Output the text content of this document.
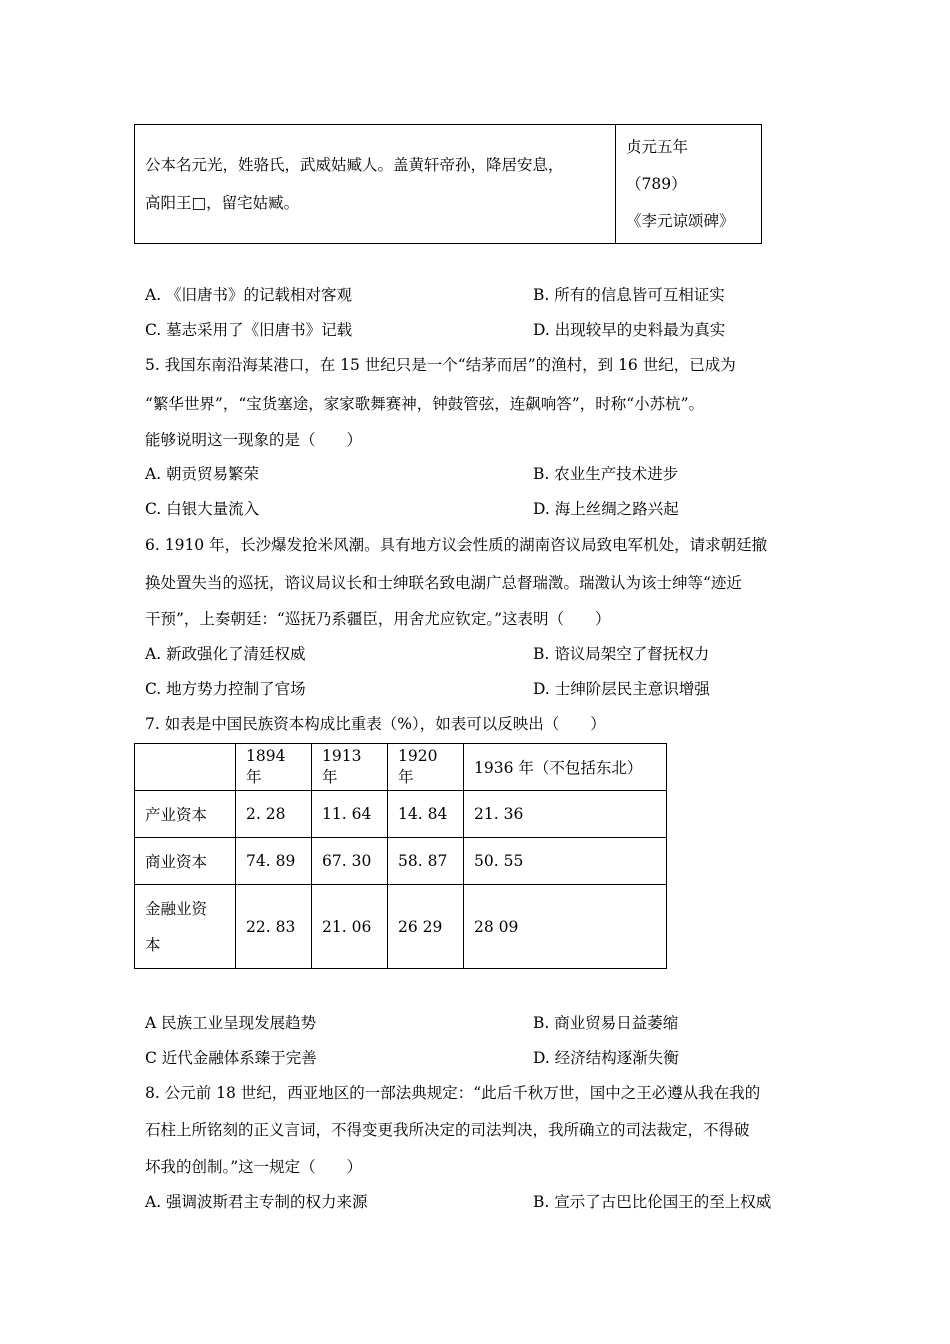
公本名元光，姓骆氏，武威姑臧人。盖黄轩帝孙，降居安息，
高阳王□，留宅姑臧。

贞元五年
（789）
《李元谅颂碑》
A. 《旧唐书》的记载相对客观	B. 所有的信息皆可互相证实
C. 墓志采用了《旧唐书》记载	D. 出现较早的史料最为真实
5. 我国东南沿海某港口，在 15 世纪只是一个“结茅而居”的渔村，到 16 世纪，已成为
“繁华世界”，“宝货塞途，家家歌舞赛神，钟鼓管弦，连飙响答”，时称“小苏杭”。
能够说明这一现象的是（　　）
A. 朝贡贸易繁荣	B. 农业生产技术进步
C. 白银大量流入	D. 海上丝绸之路兴起
6. 1910 年，长沙爆发抢米风潮。具有地方议会性质的湖南咨议局致电军机处，请求朝廷撤
换处置失当的巡抚，谘议局议长和士绅联名致电湖广总督瑞澂。瑞澂认为该士绅等“迹近
干预”，上奏朝廷：“巡抚乃系疆臣，用舍尤应钦定。”这表明（　　）
A. 新政强化了清廷权威	B. 谘议局架空了督抚权力
C. 地方势力控制了官场	D. 士绅阶层民主意识增强
7. 如表是中国民族资本构成比重表（%），如表可以反映出（　　）
	1894 年	1913 年	1920 年	1936 年（不包括东北）
产业资本	2. 28	11. 64	14. 84	21. 36
商业资本	74. 89	67. 30	58. 87	50. 55

金融业资
本	22. 83	21. 06	26 29	28 09
A 民族工业呈现发展趋势	B. 商业贸易日益萎缩
C 近代金融体系臻于完善	D. 经济结构逐渐失衡
8. 公元前 18 世纪，西亚地区的一部法典规定：“此后千秋万世，国中之王必遵从我在我的
石柱上所铭刻的正义言词，不得变更我所决定的司法判决，我所确立的司法裁定，不得破
坏我的创制。”这一规定（　　）
A. 强调波斯君主专制的权力来源	B. 宣示了古巴比伦国王的至上权威
